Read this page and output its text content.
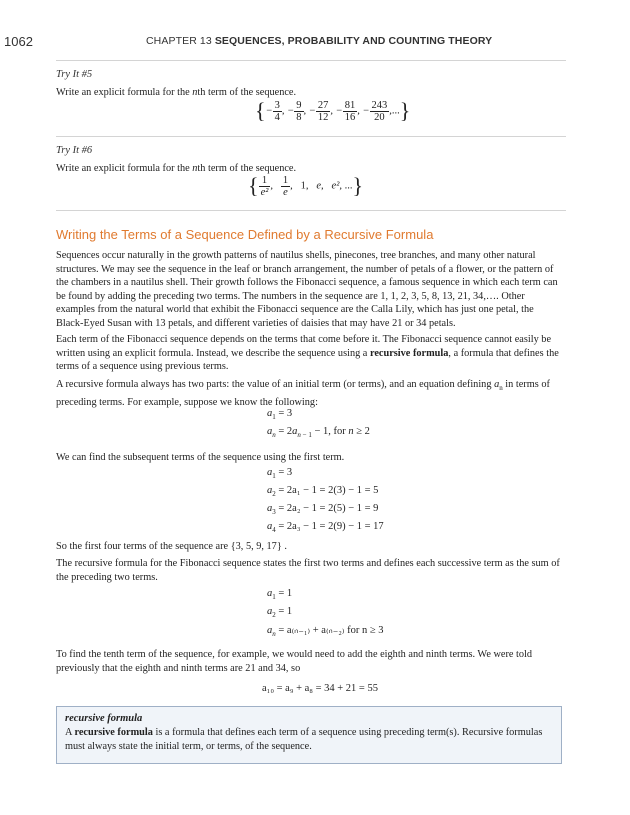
1062	CHAPTER 13 SEQUENCES, PROBABILITY AND COUNTING THEORY
Try It #5

Write an explicit formula for the nth term of the sequence.

{− $\frac{3}{4}$ , − $\frac{9}{8}$ , − $\frac{27}{12}$ , − $\frac{81}{16}$ , − $\frac{243}{20}$ ,...}
Try It #6

Write an explicit formula for the nth term of the sequence.

{ $\frac{1}{\text{e²}}$ , $\frac{1}{e}$ ,   1,   e,   e², ...}
Writing the Terms of a Sequence Defined by a Recursive Formula

Sequences occur naturally in the growth patterns of nautilus shells, pinecones, tree branches, and many other natural structures. We may see the sequence in the leaf or branch arrangement, the number of petals of a flower, or the pattern of the chambers in a nautilus shell. Their growth follows the Fibonacci sequence, a famous sequence in which each term can be found by adding the preceding two terms. The numbers in the sequence are 1, 1, 2, 3, 5, 8, 13, 21, 34,…. Other examples from the natural world that exhibit the Fibonacci sequence are the Calla Lily, which has just one petal, the Black-Eyed Susan with 13 petals, and different varieties of daisies that may have 21 or 34 petals.

Each term of the Fibonacci sequence depends on the terms that come before it. The Fibonacci sequence cannot easily be written using an explicit formula. Instead, we describe the sequence using a recursive formula, a formula that defines the terms of a sequence using previous terms.

A recursive formula always has two parts: the value of an initial term (or terms), and an equation defining $a_n$ in terms of preceding terms. For example, suppose we know the following:

$a_1 = 3$
$a_n = 2a_{n - 1} - 1$, for n ≥ 2

We can find the subsequent terms of the sequence using the first term.

$a_1 = 3$
$a_2 = 2a_1 - 1 = 2(3) - 1 = 5$
$a_3 = 2a_2 - 1 = 2(5) - 1 = 9$
$a_4 = 2a_3 - 1 = 2(9) - 1 = 17$

So the first four terms of the sequence are {3, 5, 9, 17} .

The recursive formula for the Fibonacci sequence states the first two terms and defines each successive term as the sum of the preceding two terms.

$a_1 = 1$
$a_2 = 1$
$a_n = a_{(n-1)} + a_{(n-2)}$ for n ≥ 3

To find the tenth term of the sequence, for example, we would need to add the eighth and ninth terms. We were told previously that the eighth and ninth terms are 21 and 34, so

a₁₀ = a₉ + a₈ = 34 + 21 = 55
recursive formula

A recursive formula is a formula that defines each term of a sequence using preceding term(s). Recursive formulas must always state the initial term, or terms, of the sequence.
